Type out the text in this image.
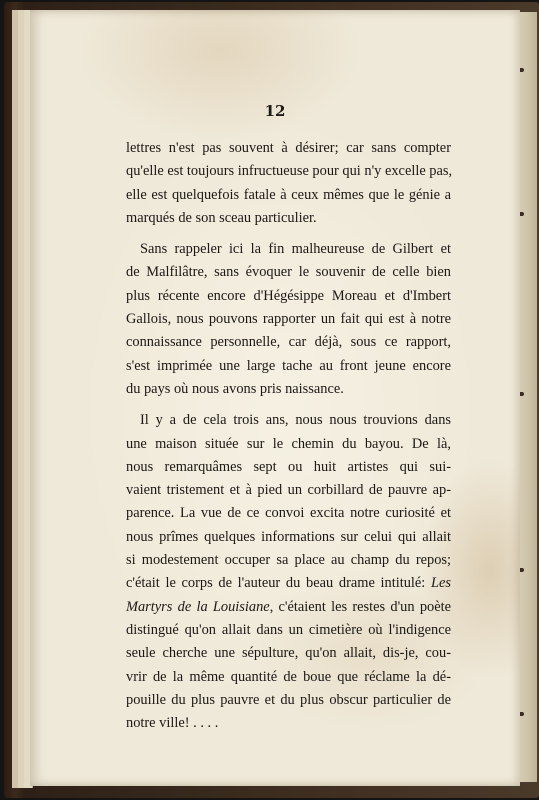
12
lettres n'est pas souvent à désirer; car sans compter
qu'elle est toujours infructueuse pour qui n'y excelle pas,
elle est quelquefois fatale à ceux mêmes que le génie a
marqués de son sceau particulier.
Sans rappeler ici la fin malheureuse de Gilbert et
de Malfilâtre, sans évoquer le souvenir de celle bien
plus récente encore d'Hégésippe Moreau et d'Imbert
Gallois, nous pouvons rapporter un fait qui est à notre
connaissance personnelle, car déjà, sous ce rapport,
s'est imprimée une large tache au front jeune encore
du pays où nous avons pris naissance.
Il y a de cela trois ans, nous nous trouvions dans
une maison située sur le chemin du bayou. De là,
nous remarquâmes sept ou huit artistes qui sui-
vaient tristement et à pied un corbillard de pauvre ap-
parence. La vue de ce convoi excita notre curiosité et
nous prîmes quelques informations sur celui qui allait
si modestement occuper sa place au champ du repos;
c'était le corps de l'auteur du beau drame intitulé: Les
Martyrs de la Louisiane, c'étaient les restes d'un poète
distingué qu'on allait dans un cimetière où l'indigence
seule cherche une sépulture, qu'on allait, dis-je, cou-
vrir de la même quantité de boue que réclame la dé-
pouille du plus pauvre et du plus obscur particulier de
notre ville! . . . .
